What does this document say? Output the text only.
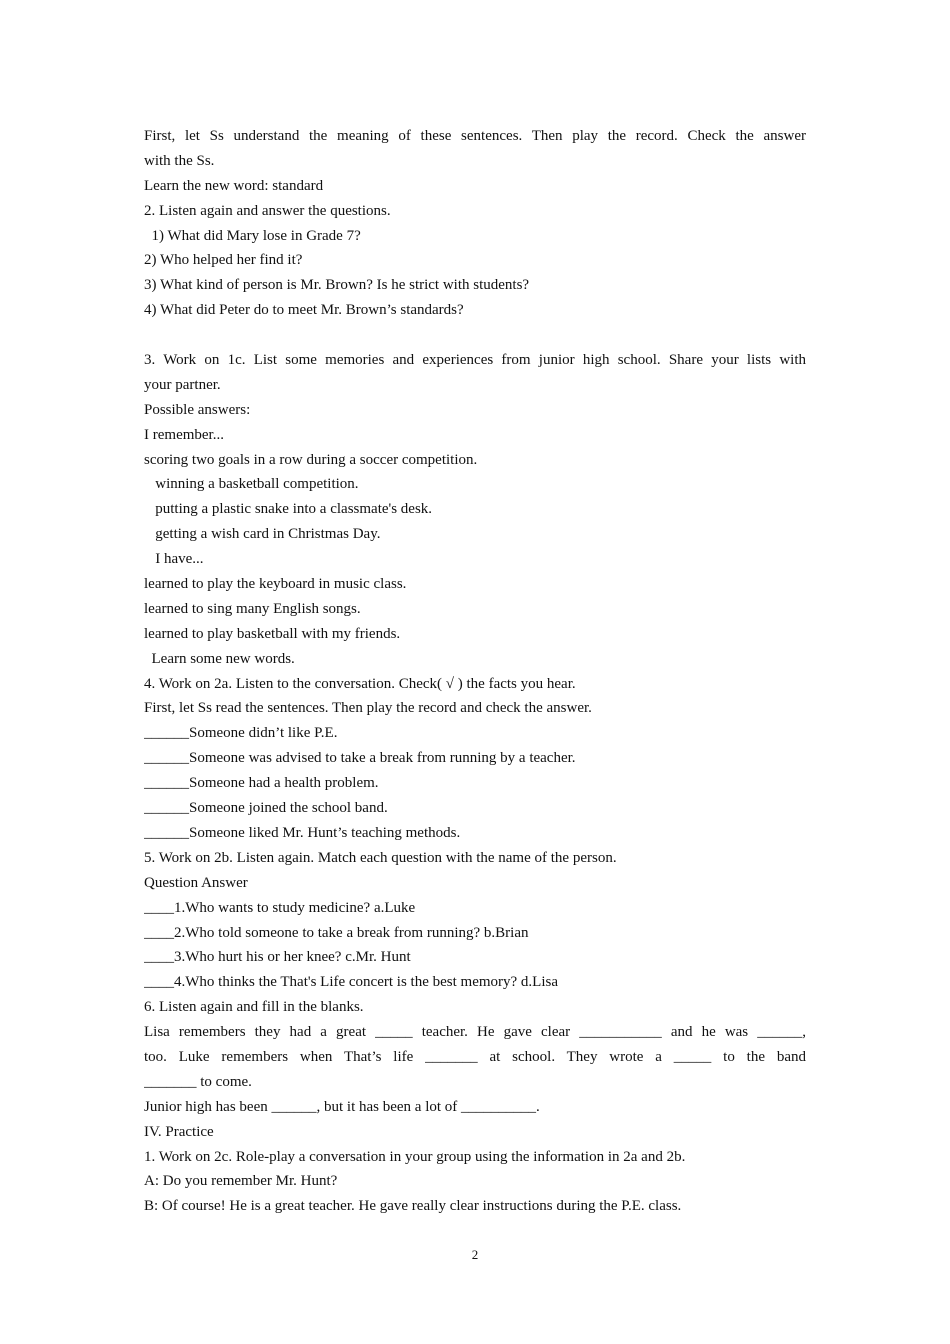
First, let Ss understand the meaning of these sentences. Then play the record. Check the answer
with the Ss.
Learn the new word: standard
2. Listen again and answer the questions.
1) What did Mary lose in Grade 7?
2) Who helped her find it?
3) What kind of person is Mr. Brown? Is he strict with students?
4) What did Peter do to meet Mr. Brown’s standards?
3. Work on 1c. List some memories and experiences from junior high school. Share your lists with
your partner.
Possible answers:
I remember...
scoring two goals in a row during a soccer competition.
winning a basketball competition.
putting a plastic snake into a classmate's desk.
getting a wish card in Christmas Day.
I have...
learned to play the keyboard in music class.
learned to sing many English songs.
learned to play basketball with my friends.
Learn some new words.
4. Work on 2a. Listen to the conversation. Check( √ ) the facts you hear.
First, let Ss read the sentences. Then play the record and check the answer.
______Someone didn’t like P.E.
______Someone was advised to take a break from running by a teacher.
______Someone had a health problem.
______Someone joined the school band.
______Someone liked Mr. Hunt’s teaching methods.
5. Work on 2b. Listen again. Match each question with the name of the person.
Question Answer
____1.Who wants to study medicine? a.Luke
____2.Who told someone to take a break from running? b.Brian
____3.Who hurt his or her knee? c.Mr. Hunt
____4.Who thinks the That's Life concert is the best memory? d.Lisa
6. Listen again and fill in the blanks.
Lisa remembers they had a great _____ teacher. He gave clear ___________ and he was ______,
too. Luke remembers when That’s life _______ at school. They wrote a _____ to the band
_______ to come.
Junior high has been ______, but it has been a lot of __________.
IV. Practice
1. Work on 2c. Role-play a conversation in your group using the information in 2a and 2b.
A: Do you remember Mr. Hunt?
B: Of course! He is a great teacher. He gave really clear instructions during the P.E. class.
2
